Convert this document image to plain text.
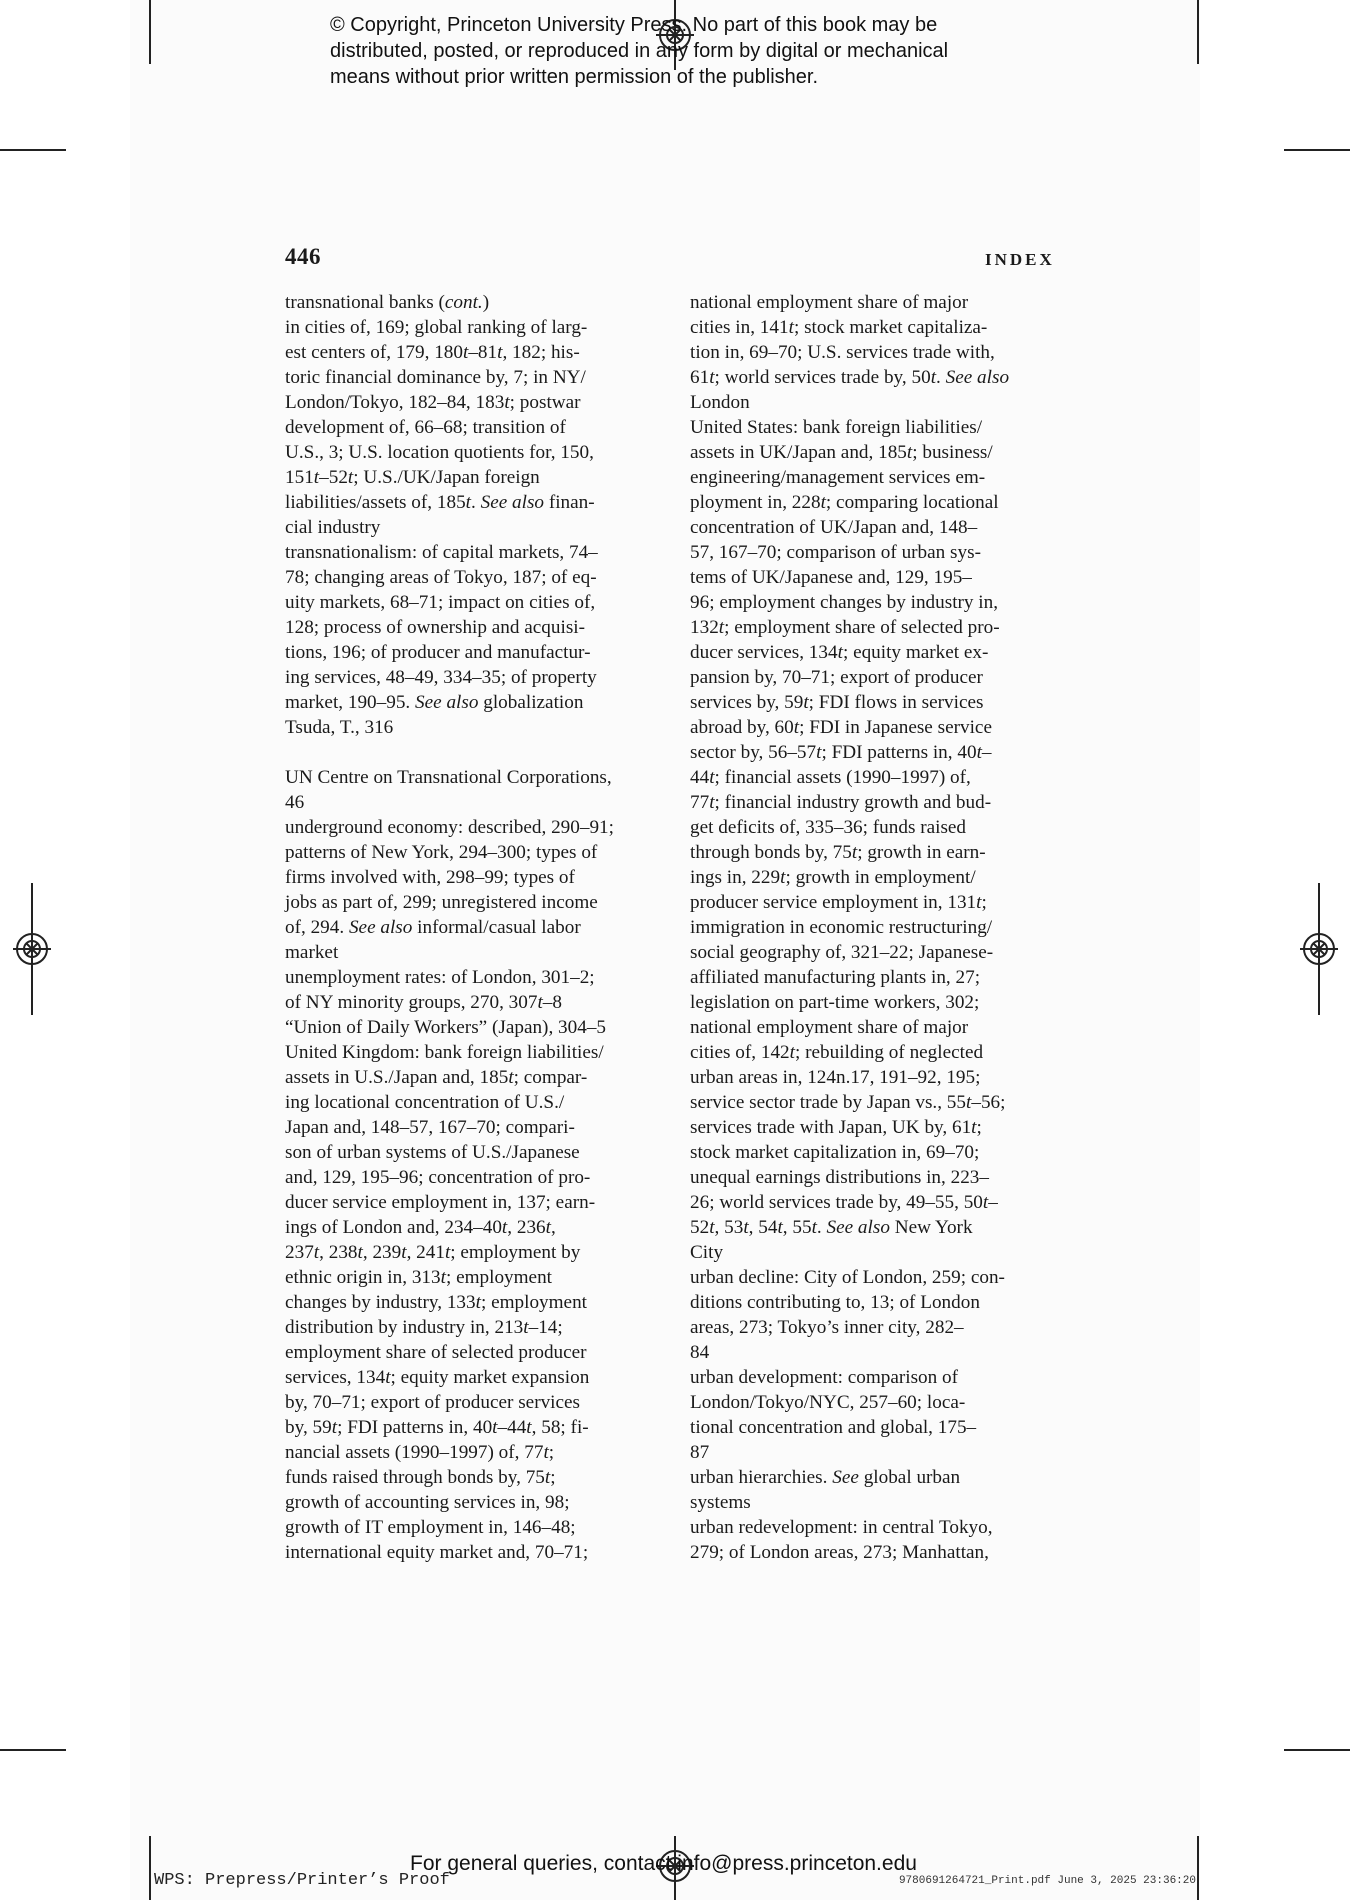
© Copyright, Princeton University Press. No part of this book may be
distributed, posted, or reproduced in any form by digital or mechanical
means without prior written permission of the publisher.
446	INDEX
transnational banks (cont.)
in cities of, 169; global ranking of larg-
est centers of, 179, 180t–81t, 182; his-
toric financial dominance by, 7; in NY/
London/Tokyo, 182–84, 183t; postwar
development of, 66–68; transition of
U.S., 3; U.S. location quotients for, 150,
151t–52t; U.S./UK/Japan foreign
liabilities/assets of, 185t. See also finan-
cial industry
transnationalism: of capital markets, 74–
78; changing areas of Tokyo, 187; of eq-
uity markets, 68–71; impact on cities of,
128; process of ownership and acquisi-
tions, 196; of producer and manufactur-
ing services, 48–49, 334–35; of property
market, 190–95. See also globalization
Tsuda, T., 316
UN Centre on Transnational Corporations,
46
underground economy: described, 290–91;
patterns of New York, 294–300; types of
firms involved with, 298–99; types of
jobs as part of, 299; unregistered income
of, 294. See also informal/casual labor
market
unemployment rates: of London, 301–2;
of NY minority groups, 270, 307t–8
“Union of Daily Workers” (Japan), 304–5
United Kingdom: bank foreign liabilities/
assets in U.S./Japan and, 185t; compar-
ing locational concentration of U.S./
Japan and, 148–57, 167–70; compari-
son of urban systems of U.S./Japanese
and, 129, 195–96; concentration of pro-
ducer service employment in, 137; earn-
ings of London and, 234–40t, 236t,
237t, 238t, 239t, 241t; employment by
ethnic origin in, 313t; employment
changes by industry, 133t; employment
distribution by industry in, 213t–14;
employment share of selected producer
services, 134t; equity market expansion
by, 70–71; export of producer services
by, 59t; FDI patterns in, 40t–44t, 58; fi-
nancial assets (1990–1997) of, 77t;
funds raised through bonds by, 75t;
growth of accounting services in, 98;
growth of IT employment in, 146–48;
international equity market and, 70–71;
national employment share of major
cities in, 141t; stock market capitaliza-
tion in, 69–70; U.S. services trade with,
61t; world services trade by, 50t. See also
London
United States: bank foreign liabilities/
assets in UK/Japan and, 185t; business/
engineering/management services em-
ployment in, 228t; comparing locational
concentration of UK/Japan and, 148–
57, 167–70; comparison of urban sys-
tems of UK/Japanese and, 129, 195–
96; employment changes by industry in,
132t; employment share of selected pro-
ducer services, 134t; equity market ex-
pansion by, 70–71; export of producer
services by, 59t; FDI flows in services
abroad by, 60t; FDI in Japanese service
sector by, 56–57t; FDI patterns in, 40t–
44t; financial assets (1990–1997) of,
77t; financial industry growth and bud-
get deficits of, 335–36; funds raised
through bonds by, 75t; growth in earn-
ings in, 229t; growth in employment/
producer service employment in, 131t;
immigration in economic restructuring/
social geography of, 321–22; Japanese-
affiliated manufacturing plants in, 27;
legislation on part-time workers, 302;
national employment share of major
cities of, 142t; rebuilding of neglected
urban areas in, 124n.17, 191–92, 195;
service sector trade by Japan vs., 55t–56;
services trade with Japan, UK by, 61t;
stock market capitalization in, 69–70;
unequal earnings distributions in, 223–
26; world services trade by, 49–55, 50t–
52t, 53t, 54t, 55t. See also New York
City
urban decline: City of London, 259; con-
ditions contributing to, 13; of London
areas, 273; Tokyo’s inner city, 282–
84
urban development: comparison of
London/Tokyo/NYC, 257–60; loca-
tional concentration and global, 175–
87
urban hierarchies. See global urban
systems
urban redevelopment: in central Tokyo,
279; of London areas, 273; Manhattan,
For general queries, contact info@press.princeton.edu
WPS: Prepress/Printer’s Proof	9780691264721_Print.pdf June 3, 2025 23:36:20
